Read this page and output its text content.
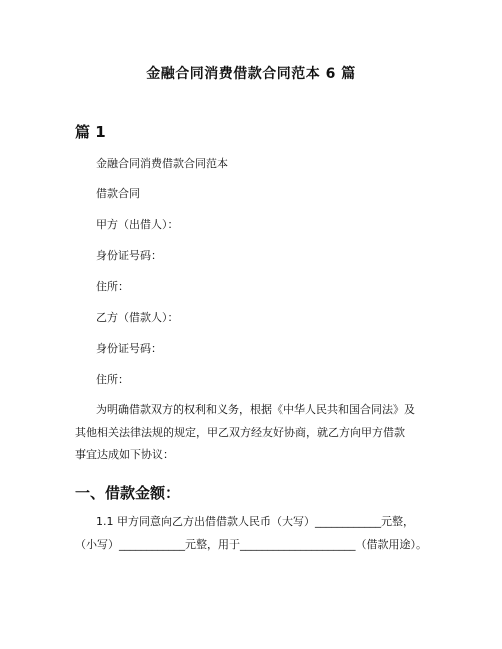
金融合同消费借款合同范本 6 篇
篇 1
金融合同消费借款合同范本
借款合同
甲方（出借人）：
身份证号码：
住所：
乙方（借款人）：
身份证号码：
住所：
为明确借款双方的权利和义务，根据《中华人民共和国合同法》及
其他相关法律法规的规定，甲乙双方经友好协商，就乙方向甲方借款
事宜达成如下协议：
一、借款金额：
1.1 甲方同意向乙方出借借款人民币（大写）____________元整，
（小写）____________元整，用于_____________________（借款用途）。
